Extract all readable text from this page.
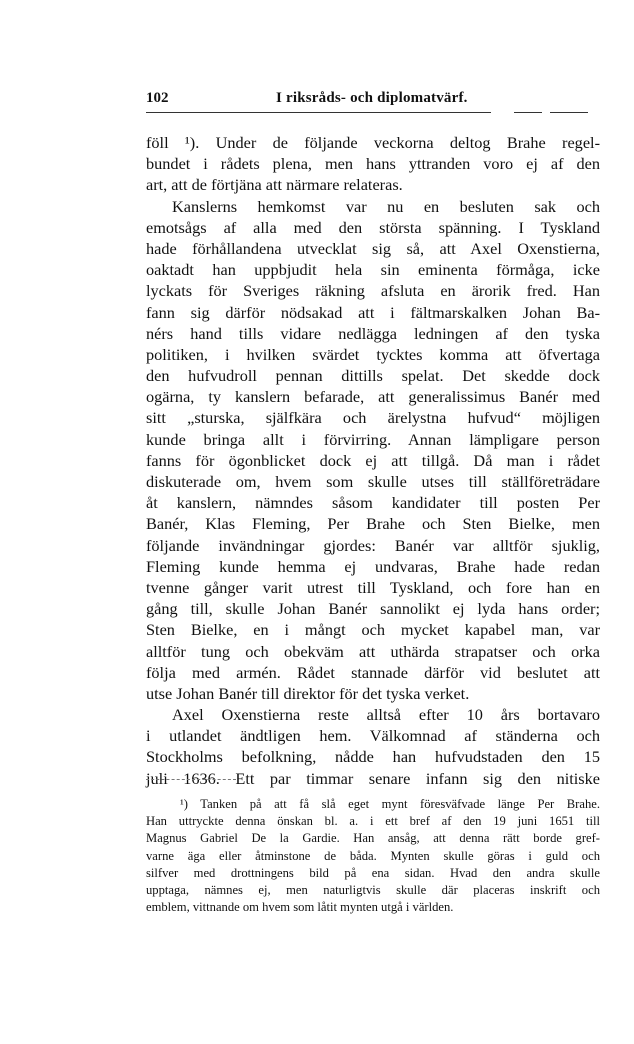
102	I riksråds- och diplomatvärf.
föll ¹). Under de följande veckorna deltog Brahe regel-
bundet i rådets plena, men hans yttranden voro ej af den
art, att de förtjäna att närmare relateras.
Kanslerns hemkomst var nu en besluten sak och
emotsågs af alla med den största spänning. I Tyskland
hade förhållandena utvecklat sig så, att Axel Oxenstierna,
oaktadt han uppbjudit hela sin eminenta förmåga, icke
lyckats för Sveriges räkning afsluta en ärorik fred. Han
fann sig därför nödsakad att i fältmarskalken Johan Ba-
nérs hand tills vidare nedlägga ledningen af den tyska
politiken, i hvilken svärdet tycktes komma att öfvertaga
den hufvudroll pennan dittills spelat. Det skedde dock
ogärna, ty kanslern befarade, att generalissimus Banér med
sitt „sturska, själfkära och ärelystna hufvud“ möjligen
kunde bringa allt i förvirring. Annan lämpligare person
fanns för ögonblicket dock ej att tillgå. Då man i rådet
diskuterade om, hvem som skulle utses till ställföreträdare
åt kanslern, nämndes såsom kandidater till posten Per
Banér, Klas Fleming, Per Brahe och Sten Bielke, men
följande invändningar gjordes: Banér var alltför sjuklig,
Fleming kunde hemma ej undvaras, Brahe hade redan
tvenne gånger varit utrest till Tyskland, och fore han en
gång till, skulle Johan Banér sannolikt ej lyda hans order;
Sten Bielke, en i mångt och mycket kapabel man, var
alltför tung och obekväm att uthärda strapatser och orka
följa med armén. Rådet stannade därför vid beslutet att
utse Johan Banér till direktor för det tyska verket.
Axel Oxenstierna reste alltså efter 10 års bortavaro
i utlandet ändtligen hem. Välkomnad af ständerna och
Stockholms befolkning, nådde han hufvudstaden den 15
juli 1636. Ett par timmar senare infann sig den nitiske
¹) Tanken på att få slå eget mynt föresväfvade länge Per Brahe.
Han uttryckte denna önskan bl. a. i ett bref af den 19 juni 1651 till
Magnus Gabriel De la Gardie. Han ansåg, att denna rätt borde gref-
varne äga eller åtminstone de båda. Mynten skulle göras i guld och
silfver med drottningens bild på ena sidan. Hvad den andra skulle
upptaga, nämnes ej, men naturligtvis skulle där placeras inskrift och
emblem, vittnande om hvem som låtit mynten utgå i världen.
